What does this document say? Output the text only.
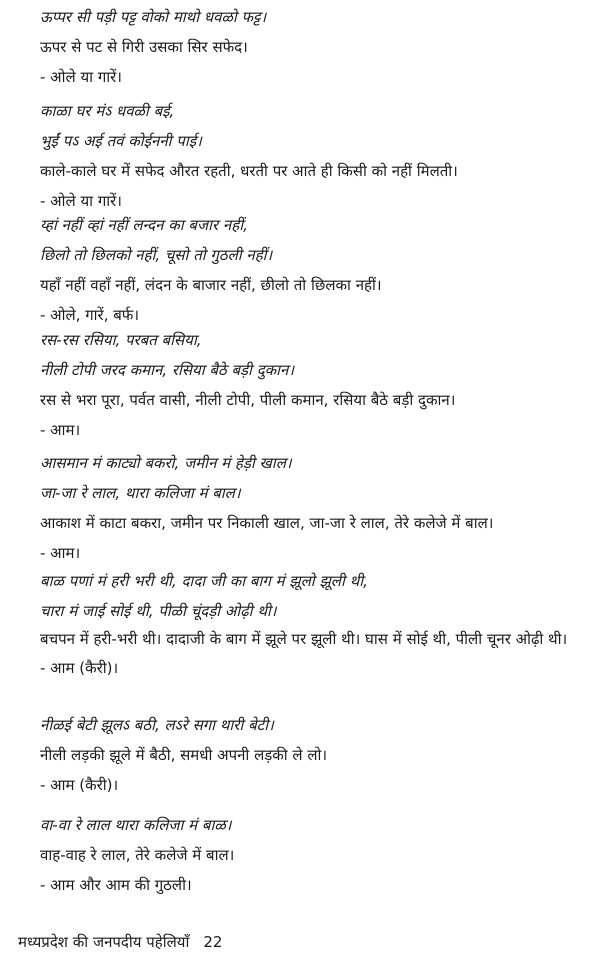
ऊप्पर सी पड़ी पट्ट वोको माथो धवळो फट्ट।
ऊपर से पट से गिरी उसका सिर सफेद।
- ओले या गारें।
काळा घर मंऽ धवळी बई,
भुईं पऽ अई तवं कोईननी पाई।
काले-काले घर में सफेद औरत रहती, धरती पर आते ही किसी को नहीं मिलती।
- ओले या गारें।
य्हां नहीं व्हां नहीं लन्दन का बजार नहीं,
छिलो तो छिलको नहीं, चूसो तो गुठली नहीं।
यहाँ नहीं वहाँ नहीं, लंदन के बाजार नहीं, छीलो तो छिलका नहीं।
- ओले, गारें, बर्फ।
रस-रस रसिया, परबत बसिया,
नीली टोपी जरद कमान, रसिया बैठे बड़ी दुकान।
रस से भरा पूरा, पर्वत वासी, नीली टोपी, पीली कमान, रसिया बैठे बड़ी दुकान।
- आम।
आसमान मं काट्यो बकरो, जमीन मं हेड़ी खाल।
जा-जा रे लाल, थारा कलिजा मं बाल।
आकाश में काटा बकरा, जमीन पर निकाली खाल, जा-जा रे लाल, तेरे कलेजे में बाल।
- आम।
बाळ पणां मं हरी भरी थी, दादा जी का बाग मं झूलो झूली थी,
चारा मं जाई सोई थी, पीळी चूंदड़ी ओढ़ी थी।
बचपन में हरी-भरी थी। दादाजी के बाग में झूले पर झूली थी। घास में सोई थी, पीली चूनर ओढ़ी थी।
- आम (कैरी)।
नीळई बेटी झूलऽ बठी, लऽरे सगा थारी बेटी।
नीली लड़की झूले में बैठी, समधी अपनी लड़की ले लो।
- आम (कैरी)।
वा-वा रे लाल थारा कलिजा मं बाळ।
वाह-वाह रे लाल, तेरे कलेजे में बाल।
- आम और आम की गुठली।
मध्यप्रदेश की जनपदीय पहेलियाँ 22
